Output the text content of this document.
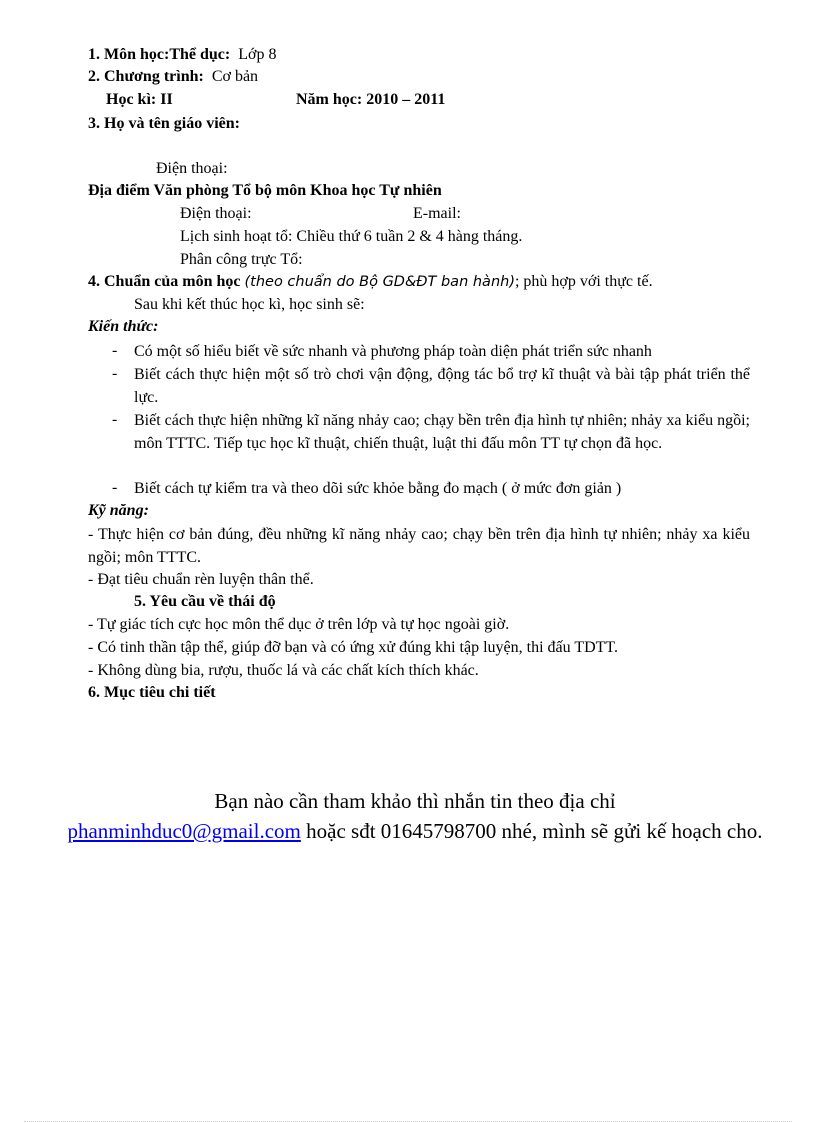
1. Môn học:Thể dục: Lớp 8
2. Chương trình: Cơ bản
Học kì: II	Năm học: 2010 – 2011
3. Họ và tên giáo viên:
Điện thoại:
Địa điểm Văn phòng Tổ bộ môn Khoa học Tự nhiên
Điện thoại:	E-mail:
Lịch sinh hoạt tổ: Chiều thứ 6 tuần 2 & 4 hàng tháng.
Phân công trực Tổ:
4. Chuẩn của môn học (theo chuẩn do Bộ GD&ĐT ban hành); phù hợp với thực tế.
Sau khi kết thúc học kì, học sinh sẽ:
Kiến thức:
- Có một số hiểu biết về sức nhanh và phương pháp toàn diện phát triển sức nhanh
- Biết cách thực hiện một số trò chơi vận động, động tác bổ trợ kĩ thuật và bài tập phát triển thể lực.
- Biết cách thực hiện những kĩ năng nhảy cao; chạy bền trên địa hình tự nhiên; nhảy xa kiểu ngồi; môn TTTC. Tiếp tục học kĩ thuật, chiến thuật, luật thi đấu môn TT tự chọn đã học.
- Biết cách tự kiểm tra và theo dõi sức khỏe bằng đo mạch ( ở mức đơn giản )
Kỹ năng:
- Thực hiện cơ bản đúng, đều những kĩ năng nhảy cao; chạy bền trên địa hình tự nhiên; nhảy xa kiểu ngồi; môn TTTC.
- Đạt tiêu chuẩn rèn luyện thân thể.
5. Yêu cầu về thái độ
- Tự giác tích cực học môn thể dục ở trên lớp và tự học ngoài giờ.
- Có tinh thần tập thể, giúp đỡ bạn và có ứng xử đúng khi tập luyện, thi đấu TDTT.
- Không dùng bia, rượu, thuốc lá và các chất kích thích khác.
6. Mục tiêu chi tiết
Bạn nào cần tham khảo thì nhắn tin theo địa chỉ
phanminhduc0@gmail.com hoặc sđt 01645798700 nhé, mình sẽ gửi kế hoạch cho.
